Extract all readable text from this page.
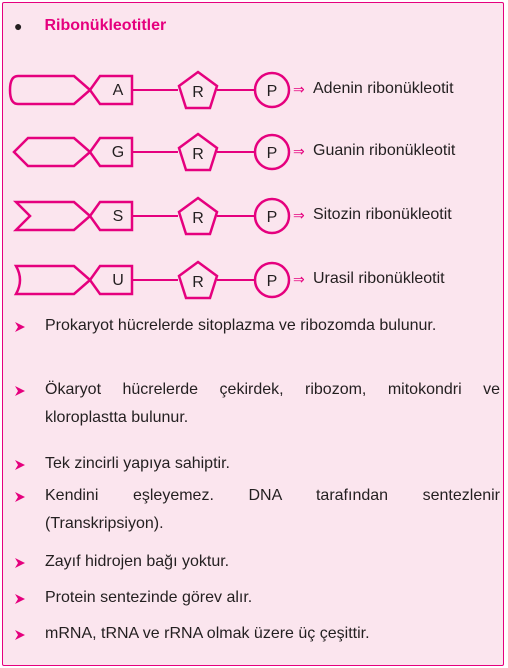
● Ribonükleotitler
A	R	P ⇒ Adenin ribonükleotit
G	R	P ⇒ Guanin ribonükleotit
S	R	P ⇒ Sitozin ribonükleotit
U	R	P ⇒ Urasil ribonükleotit
Prokaryot hücrelerde sitoplazma ve ribozomda bulunur.
Ökaryot hücrelerde çekirdek, ribozom, mitokondri ve kloroplastta bulunur.
Tek zincirli yapıya sahiptir.
Kendini eşleyemez. DNA tarafından sentezlenir (Transkripsiyon).
Zayıf hidrojen bağı yoktur.
Protein sentezinde görev alır.
mRNA, tRNA ve rRNA olmak üzere üç çeşittir.
